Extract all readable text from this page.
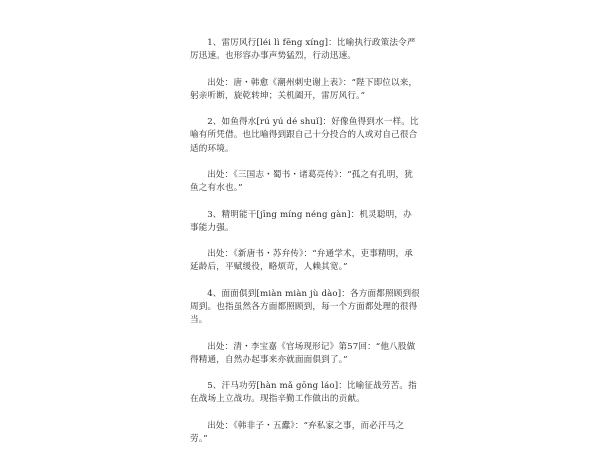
1、雷厉风行[léi lì fēng xíng]：比喻执行政策法令严厉迅速。也形容办事声势猛烈，行动迅速。

出处：唐・韩愈《潮州刺史谢上表》：“陛下即位以来，躬亲听断，旋乾转坤；关机阖开，雷厉风行。”

2、如鱼得水[rú yú dé shuǐ]：好像鱼得到水一样。比喻有所凭借。也比喻得到跟自己十分投合的人或对自己很合适的环境。

出处：《三国志・蜀书・诸葛亮传》：“孤之有孔明，犹鱼之有水也。”

3、精明能干[jīng míng néng gàn]：机灵聪明，办事能力强。

出处：《新唐书・苏弁传》：“弁通学术，吏事精明，承延龄后，平赋缓役，略烦苛，人赖其宽。”

4、面面俱到[miàn miàn jù dào]：各方面都照顾到很周到。也指虽然各方面都照顾到，每一个方面都处理的很得当。

出处：清・李宝嘉《官场现形记》第57回：“他八股做得精通，自然办起事来亦就面面俱到了。”

5、汗马功劳[hàn mǎ gōng láo]：比喻征战劳苦。指在战场上立战功。现指辛勤工作做出的贡献。

出处：《韩非子・五蠹》：“弃私家之事，而必汗马之劳。”
